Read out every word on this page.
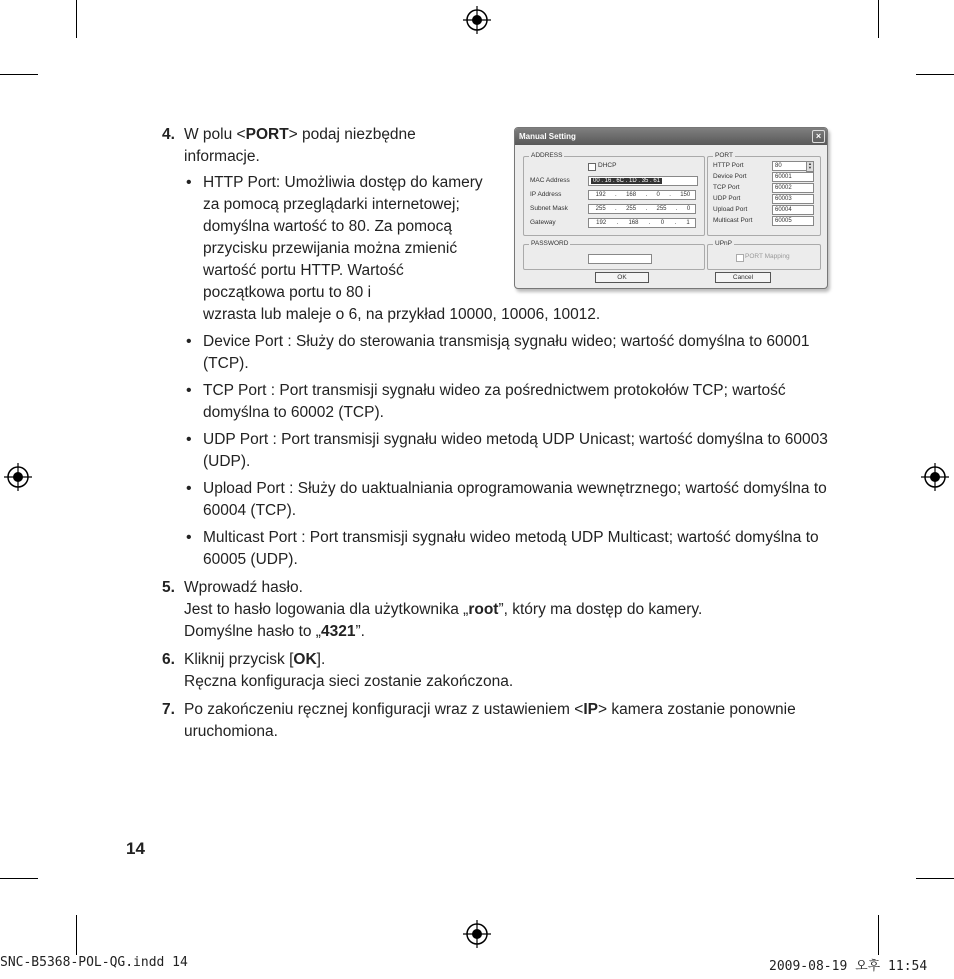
4. W polu <PORT> podaj niezbędne informacje.
• HTTP Port: Umożliwia dostęp do kamery za pomocą przeglądarki internetowej; domyślna wartość to 80. Za pomocą przycisku przewijania można zmienić wartość portu HTTP. Wartość początkowa portu to 80 i
wzrasta lub maleje o 6, na przykład 10000, 10006, 10012.
• Device Port : Służy do sterowania transmisją sygnału wideo; wartość domyślna to 60001 (TCP).
• TCP Port : Port transmisji sygnału wideo za pośrednictwem protokołów TCP; wartość domyślna to 60002 (TCP).
• UDP Port : Port transmisji sygnału wideo metodą UDP Unicast; wartość domyślna to 60003 (UDP).
• Upload Port : Służy do uaktualniania oprogramowania wewnętrznego; wartość domyślna to 60004 (TCP).
• Multicast Port : Port transmisji sygnału wideo metodą UDP Multicast; wartość domyślna to 60005 (UDP).
5. Wprowadź hasło.
Jest to hasło logowania dla użytkownika „root”, który ma dostęp do kamery.
Domyślne hasło to „4321”.
6. Kliknij przycisk [OK].
Ręczna konfiguracja sieci zostanie zakończona.
7. Po zakończeniu ręcznej konfiguracji wraz z ustawieniem <IP> kamera zostanie ponownie uruchomiona.
Manual Setting	×
ADDRESS
DHCP
MAC Address	00 . 16 . 6C . 1D . 35 . 61
IP Address	192 . 168 . 0 . 150
Subnet Mask	255 . 255 . 255 . 0
Gateway	192 . 168 . 0 . 1
PORT
HTTP Port	80	▲
▼
Device Port	60001
TCP Port	60002
UDP Port	60003
Upload Port	60004
Multicast Port	60005
PASSWORD	UPnP
PORT Mapping
OK	Cancel
14
SNC-B5368-POL-QG.indd 14	2009-08-19 오후 11:54
